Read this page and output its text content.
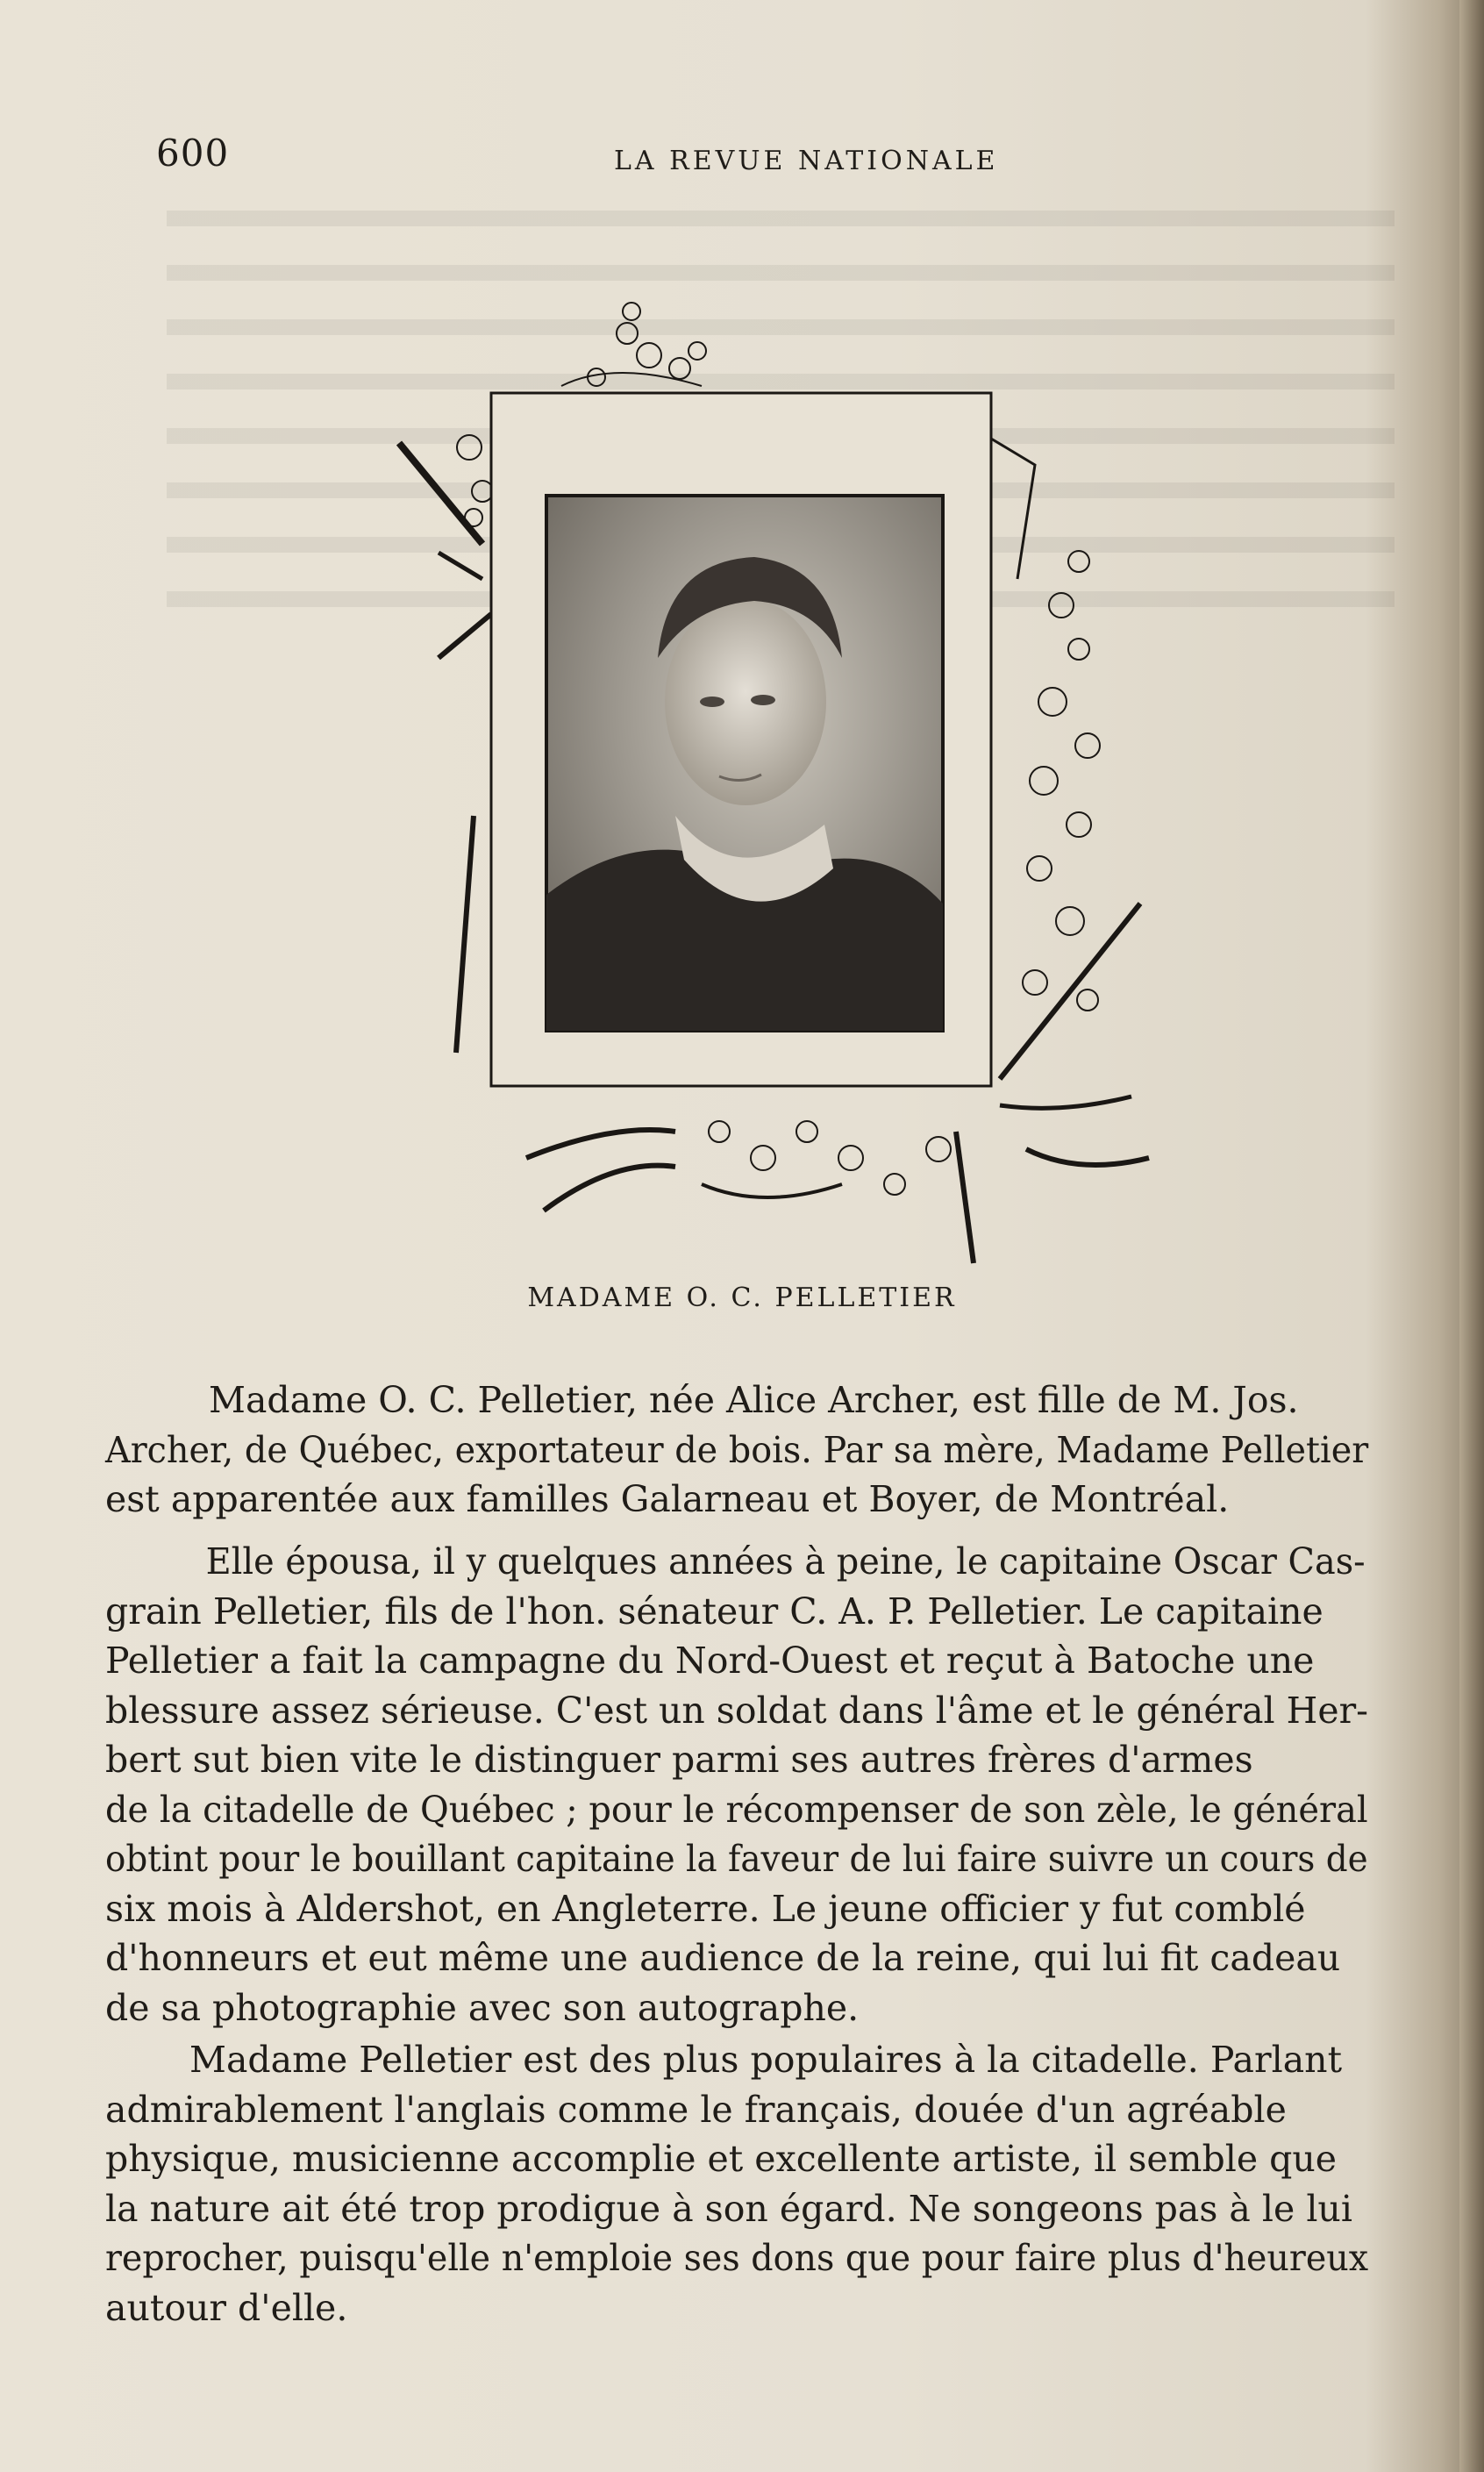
600	LA REVUE NATIONALE
MADAME O. C. PELLETIER
Madame O. C. Pelletier, née Alice Archer, est fille de M. Jos.
Archer, de Québec, exportateur de bois. Par sa mère, Madame Pelletier
est apparentée aux familles Galarneau et Boyer, de Montréal.
Elle épousa, il y quelques années à peine, le capitaine Oscar Cas-
grain Pelletier, fils de l'hon. sénateur C. A. P. Pelletier. Le capitaine
Pelletier a fait la campagne du Nord-Ouest et reçut à Batoche une
blessure assez sérieuse. C'est un soldat dans l'âme et le général Her-
bert sut bien vite le distinguer parmi ses autres frères d'armes
de la citadelle de Québec ; pour le récompenser de son zèle, le général
obtint pour le bouillant capitaine la faveur de lui faire suivre un cours de
six mois à Aldershot, en Angleterre. Le jeune officier y fut comblé
d'honneurs et eut même une audience de la reine, qui lui fit cadeau
de sa photographie avec son autographe.
Madame Pelletier est des plus populaires à la citadelle. Parlant
admirablement l'anglais comme le français, douée d'un agréable
physique, musicienne accomplie et excellente artiste, il semble que
la nature ait été trop prodigue à son égard. Ne songeons pas à le lui
reprocher, puisqu'elle n'emploie ses dons que pour faire plus d'heureux
autour d'elle.
